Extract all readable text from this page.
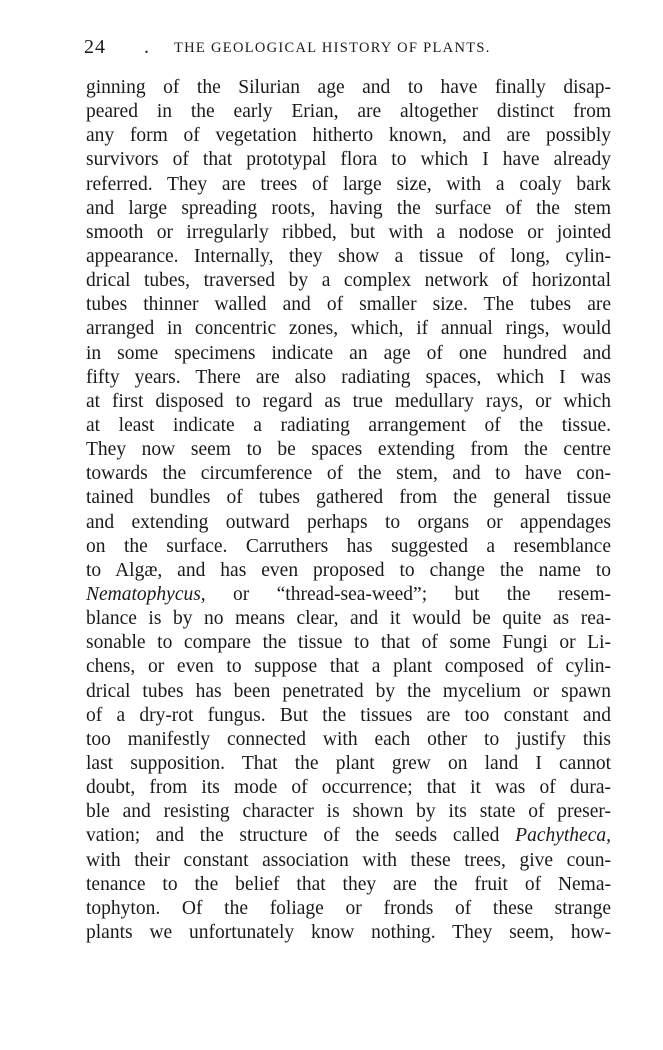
24 . THE GEOLOGICAL HISTORY OF PLANTS.
ginning of the Silurian age and to have finally disap-
peared in the early Erian, are altogether distinct from
any form of vegetation hitherto known, and are possibly
survivors of that prototypal flora to which I have already
referred. They are trees of large size, with a coaly bark
and large spreading roots, having the surface of the stem
smooth or irregularly ribbed, but with a nodose or jointed
appearance. Internally, they show a tissue of long, cylin-
drical tubes, traversed by a complex network of horizontal
tubes thinner walled and of smaller size. The tubes are
arranged in concentric zones, which, if annual rings, would
in some specimens indicate an age of one hundred and
fifty years. There are also radiating spaces, which I was
at first disposed to regard as true medullary rays, or which
at least indicate a radiating arrangement of the tissue.
They now seem to be spaces extending from the centre
towards the circumference of the stem, and to have con-
tained bundles of tubes gathered from the general tissue
and extending outward perhaps to organs or appendages
on the surface. Carruthers has suggested a resemblance
to Algæ, and has even proposed to change the name to
Nematophycus, or “thread-sea-weed”; but the resem-
blance is by no means clear, and it would be quite as rea-
sonable to compare the tissue to that of some Fungi or Li-
chens, or even to suppose that a plant composed of cylin-
drical tubes has been penetrated by the mycelium or spawn
of a dry-rot fungus. But the tissues are too constant and
too manifestly connected with each other to justify this
last supposition. That the plant grew on land I cannot
doubt, from its mode of occurrence; that it was of dura-
ble and resisting character is shown by its state of preser-
vation; and the structure of the seeds called Pachytheca,
with their constant association with these trees, give coun-
tenance to the belief that they are the fruit of Nema-
tophyton. Of the foliage or fronds of these strange
plants we unfortunately know nothing. They seem, how-
